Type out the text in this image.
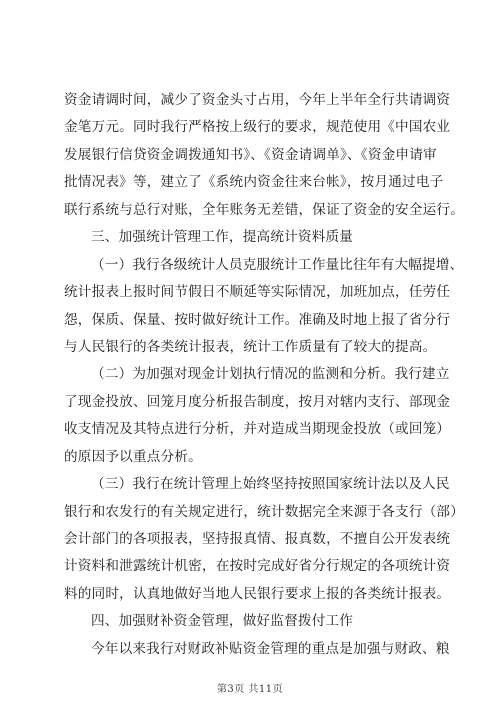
资金请调时间，减少了资金头寸占用，今年上半年全行共请调资
金笔万元。同时我行严格按上级行的要求，规范使用《中国农业
发展银行信贷资金调拨通知书》、《资金请调单》、《资金申请审
批情况表》等，建立了《系统内资金往来台帐》，按月通过电子
联行系统与总行对账，全年账务无差错，保证了资金的安全运行。
三、加强统计管理工作，提高统计资料质量
（一）我行各级统计人员克服统计工作量比往年有大幅提增、
统计报表上报时间节假日不顺延等实际情况，加班加点，任劳任
怨，保质、保量、按时做好统计工作。准确及时地上报了省分行
与人民银行的各类统计报表，统计工作质量有了较大的提高。
（二）为加强对现金计划执行情况的监测和分析。我行建立
了现金投放、回笼月度分析报告制度，按月对辖内支行、部现金
收支情况及其特点进行分析，并对造成当期现金投放（或回笼）
的原因予以重点分析。
（三）我行在统计管理上始终坚持按照国家统计法以及人民
银行和农发行的有关规定进行，统计数据完全来源于各支行（部）
会计部门的各项报表，坚持报真情、报真数，不擅自公开发表统
计资料和泄露统计机密，在按时完成好省分行规定的各项统计资
料的同时，认真地做好当地人民银行要求上报的各类统计报表。
四、加强财补资金管理，做好监督拨付工作
今年以来我行对财政补贴资金管理的重点是加强与财政、粮
第3页 共11页
